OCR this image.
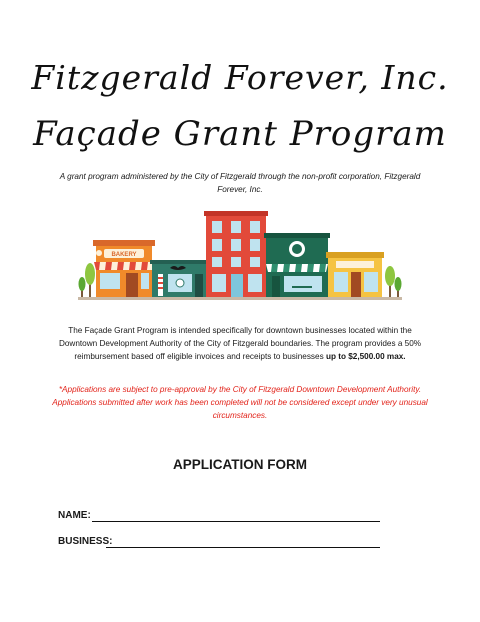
Fitzgerald Forever, Inc.
Façade Grant Program
A grant program administered by the City of Fitzgerald through the non-profit corporation, Fitzgerald Forever, Inc.
BAKERY
The Façade Grant Program is intended specifically for downtown businesses located within the Downtown Development Authority of the City of Fitzgerald boundaries. The program provides a 50% reimbursement based off eligible invoices and receipts to businesses up to $2,500.00 max.
*Applications are subject to pre-approval by the City of Fitzgerald Downtown Development Authority. Applications submitted after work has been completed will not be considered except under very unusual circumstances.
APPLICATION FORM
NAME:
BUSINESS:
